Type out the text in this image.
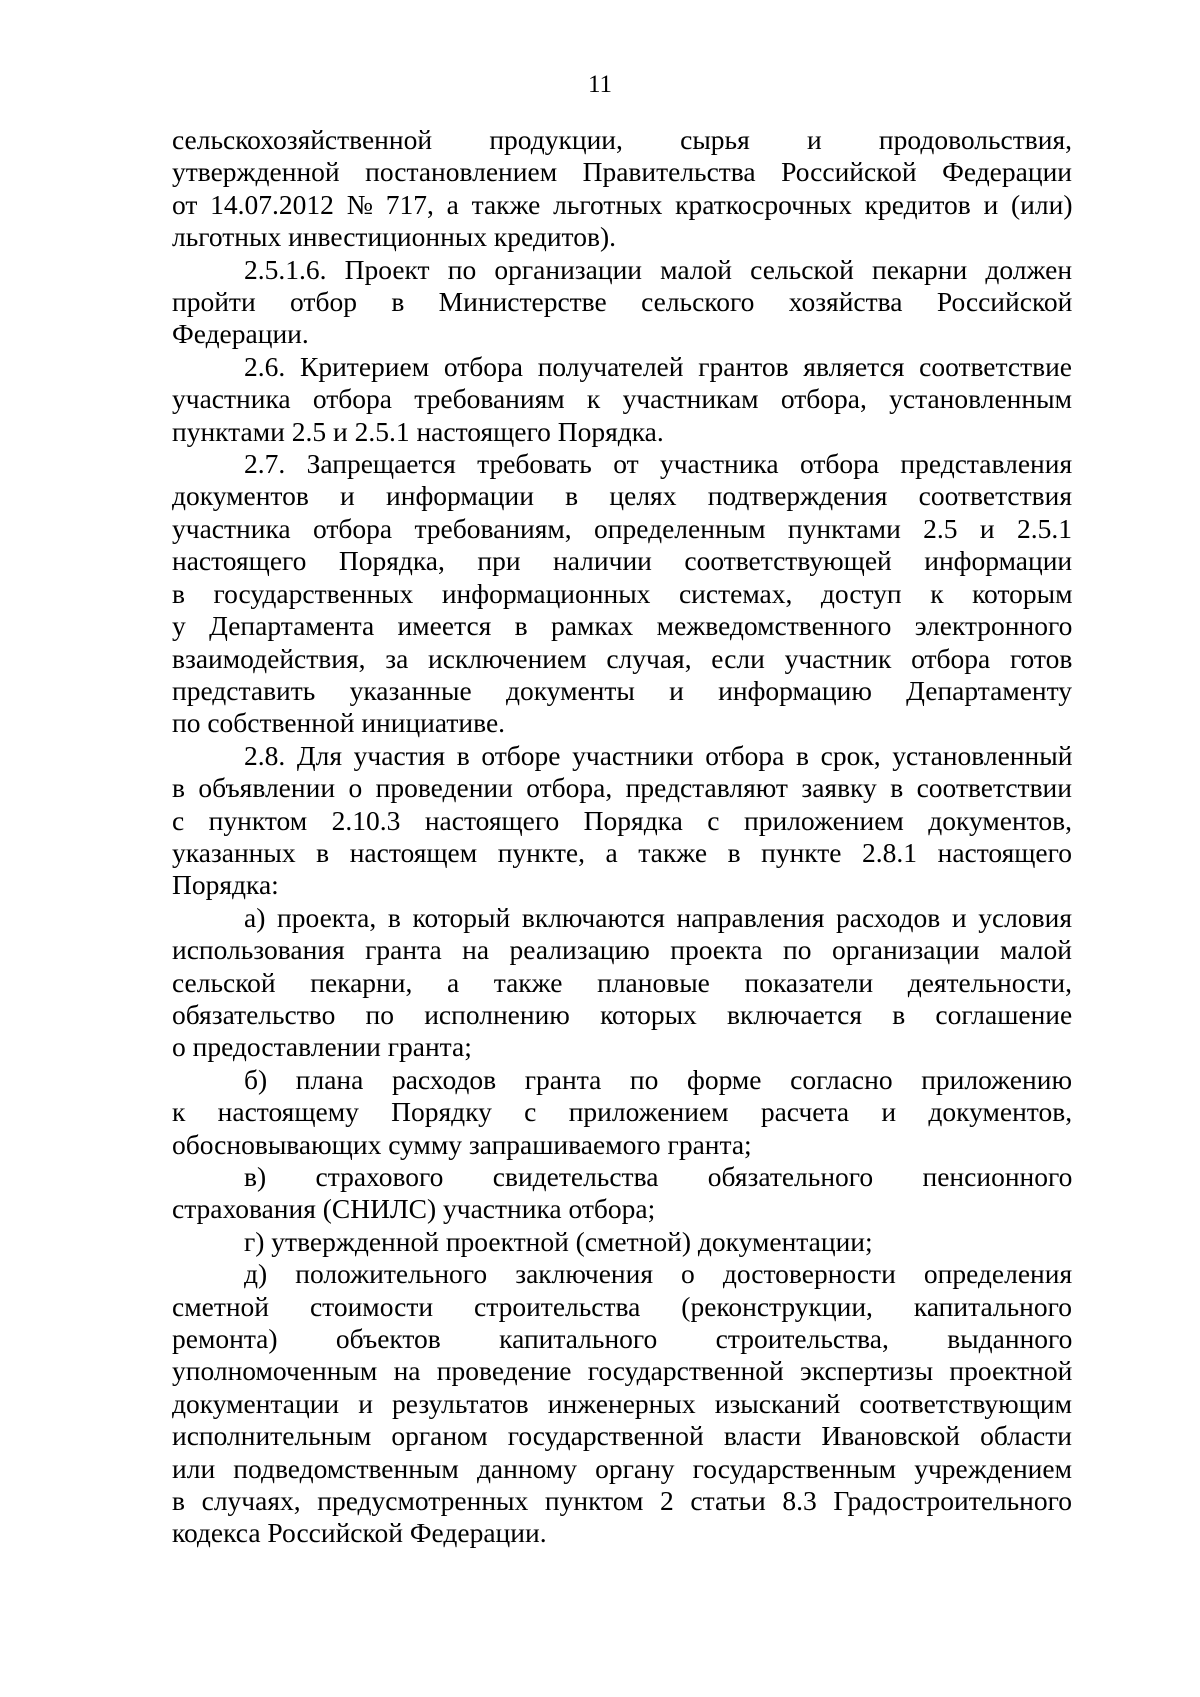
11
сельскохозяйственной продукции, сырья и продовольствия,
утвержденной постановлением Правительства Российской Федерации
от 14.07.2012 № 717, а также льготных краткосрочных кредитов и (или)
льготных инвестиционных кредитов).
2.5.1.6. Проект по организации малой сельской пекарни должен
пройти отбор в Министерстве сельского хозяйства Российской
Федерации.
2.6. Критерием отбора получателей грантов является соответствие
участника отбора требованиям к участникам отбора, установленным
пунктами 2.5 и 2.5.1 настоящего Порядка.
2.7. Запрещается требовать от участника отбора представления
документов и информации в целях подтверждения соответствия
участника отбора требованиям, определенным пунктами 2.5 и 2.5.1
настоящего Порядка, при наличии соответствующей информации
в государственных информационных системах, доступ к которым
у Департамента имеется в рамках межведомственного электронного
взаимодействия, за исключением случая, если участник отбора готов
представить указанные документы и информацию Департаменту
по собственной инициативе.
2.8. Для участия в отборе участники отбора в срок, установленный
в объявлении о проведении отбора, представляют заявку в соответствии
с пунктом 2.10.3 настоящего Порядка с приложением документов,
указанных в настоящем пункте, а также в пункте 2.8.1 настоящего
Порядка:
а) проекта, в который включаются направления расходов и условия
использования гранта на реализацию проекта по организации малой
сельской пекарни, а также плановые показатели деятельности,
обязательство по исполнению которых включается в соглашение
о предоставлении гранта;
б) плана расходов гранта по форме согласно приложению
к настоящему Порядку с приложением расчета и документов,
обосновывающих сумму запрашиваемого гранта;
в) страхового свидетельства обязательного пенсионного
страхования (СНИЛС) участника отбора;
г) утвержденной проектной (сметной) документации;
д) положительного заключения о достоверности определения
сметной стоимости строительства (реконструкции, капитального
ремонта) объектов капитального строительства, выданного
уполномоченным на проведение государственной экспертизы проектной
документации и результатов инженерных изысканий соответствующим
исполнительным органом государственной власти Ивановской области
или подведомственным данному органу государственным учреждением
в случаях, предусмотренных пунктом 2 статьи 8.3 Градостроительного
кодекса Российской Федерации.
